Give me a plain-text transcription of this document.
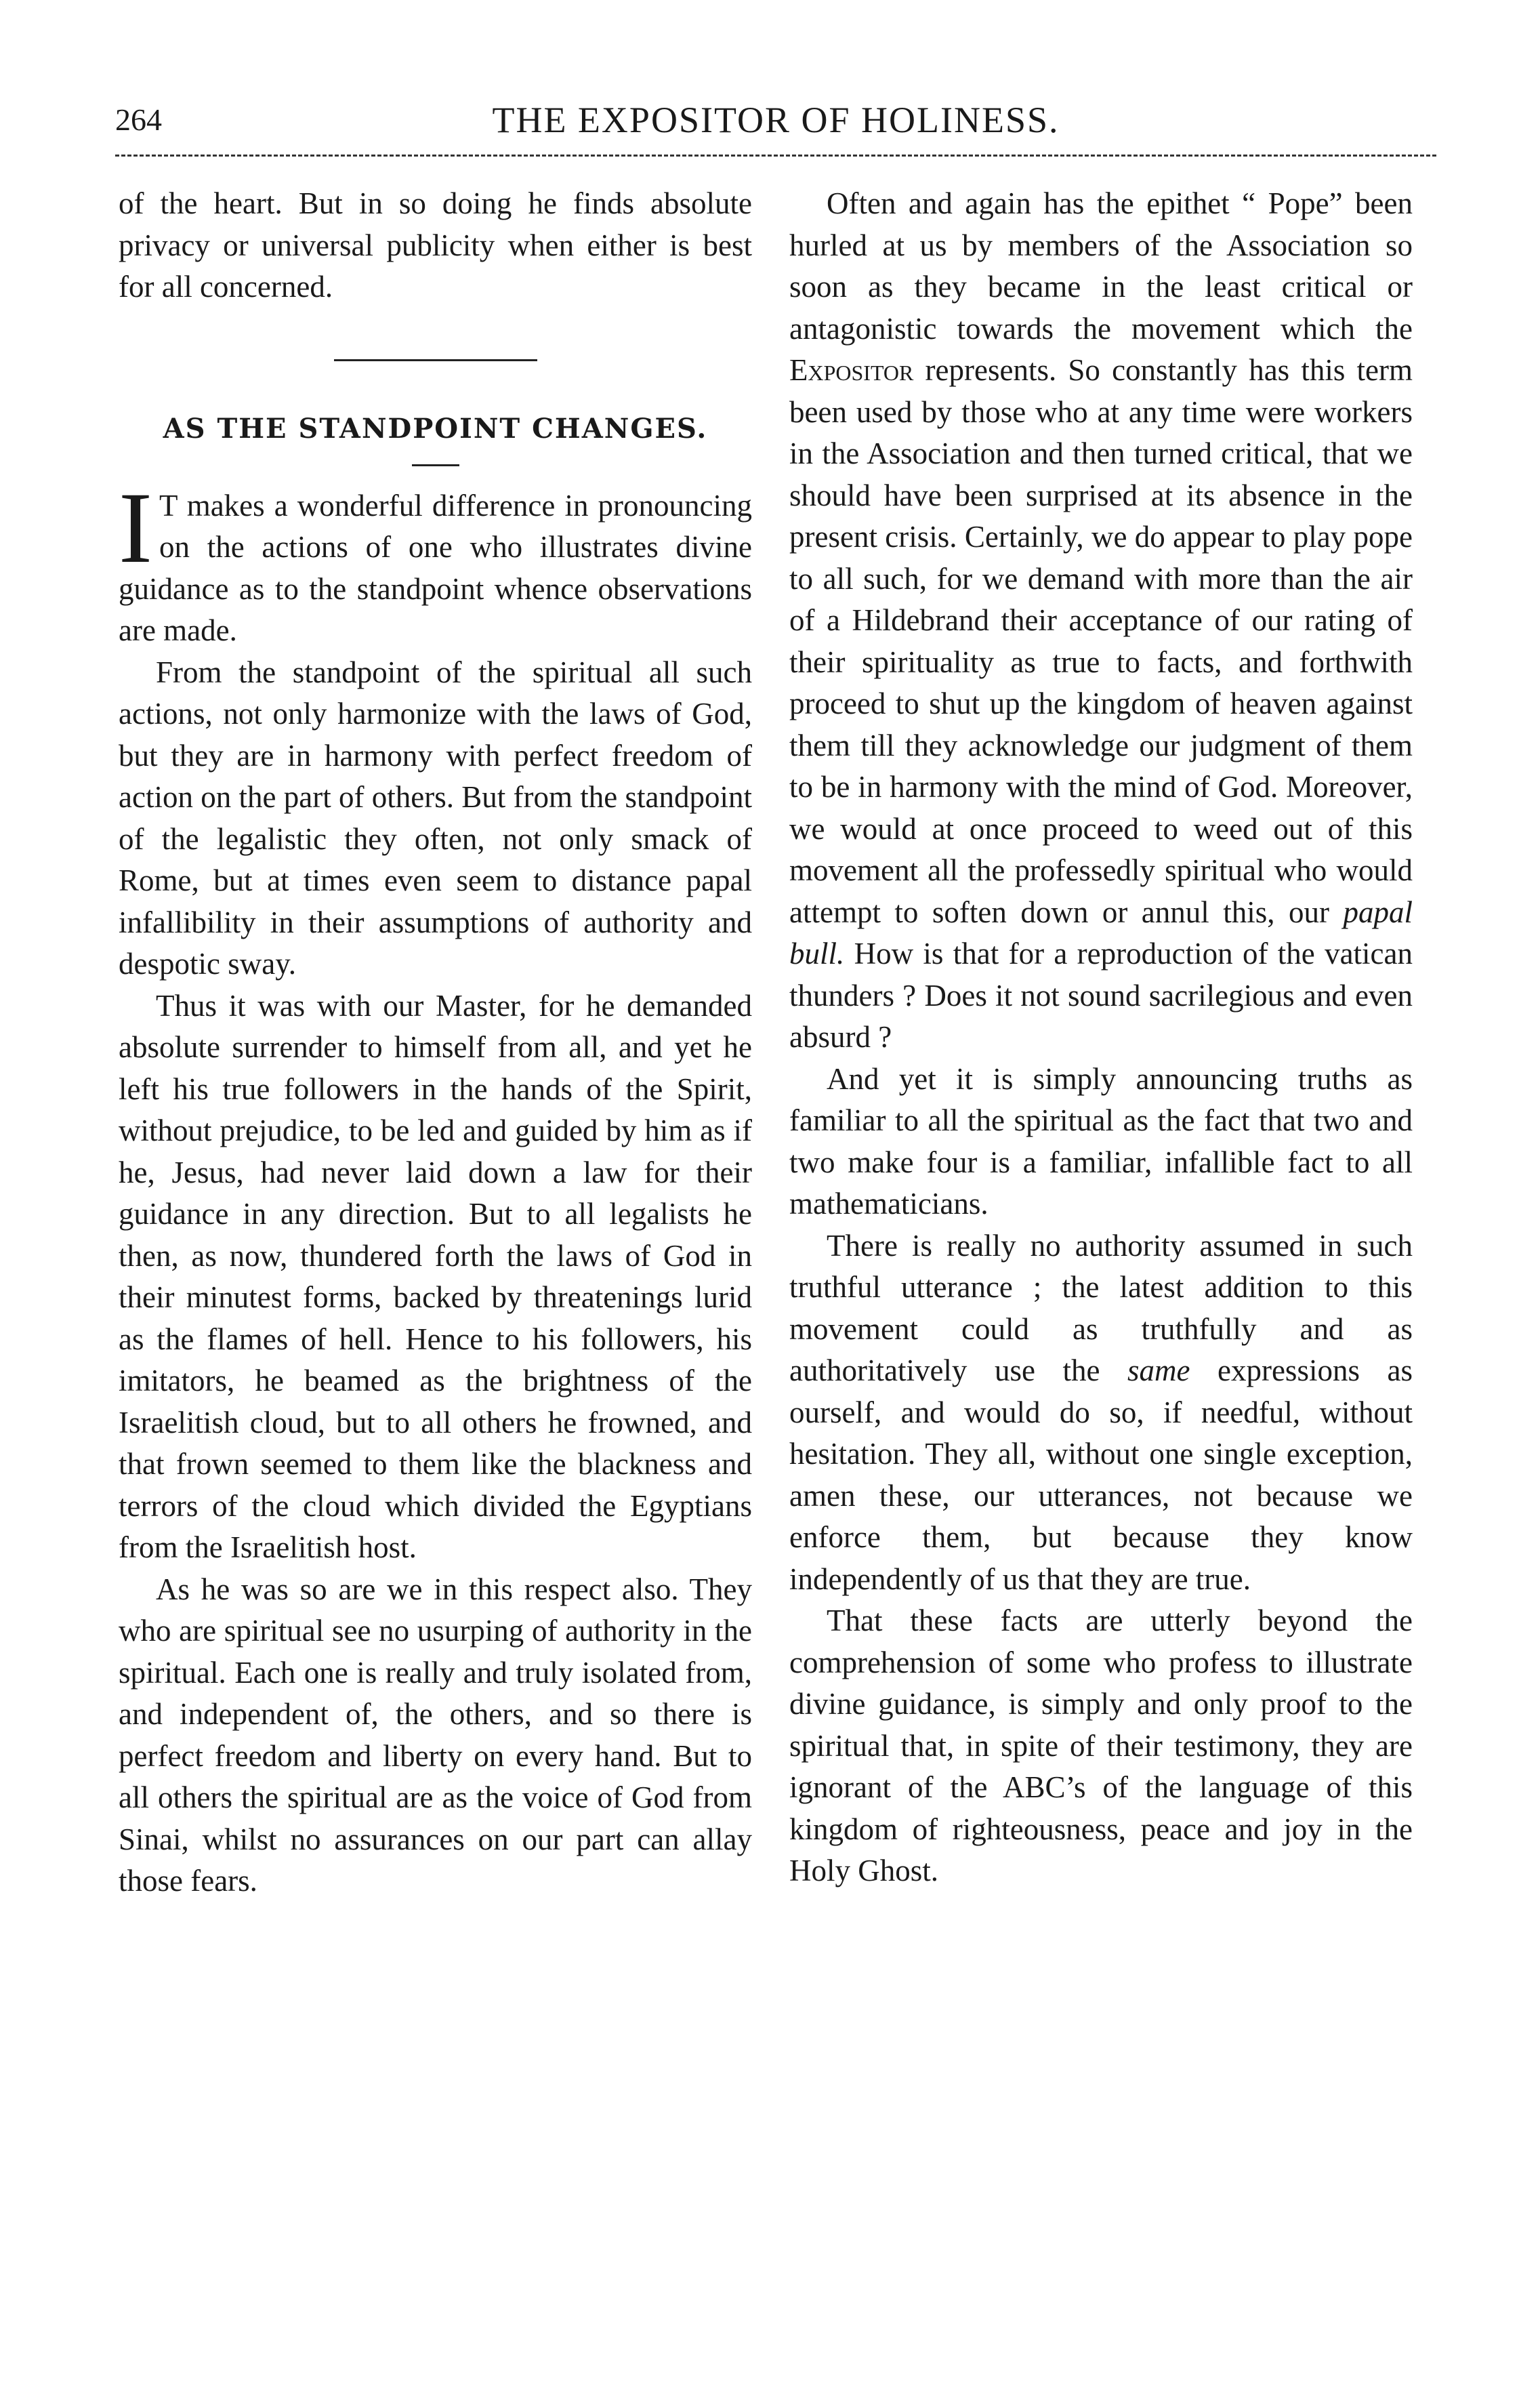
264	THE EXPOSITOR OF HOLINESS.

of the heart. But in so doing he finds absolute privacy or universal publicity when either is best for all concerned.

AS THE STANDPOINT CHANGES.

I T makes a wonderful difference in pronouncing on the actions of one who illustrates divine guidance as to the standpoint whence observations are made.

From the standpoint of the spiritual all such actions, not only harmonize with the laws of God, but they are in harmony with perfect freedom of action on the part of others. But from the standpoint of the legalistic they often, not only smack of Rome, but at times even seem to distance papal infallibility in their assumptions of authority and despotic sway.

Thus it was with our Master, for he demanded absolute surrender to himself from all, and yet he left his true followers in the hands of the Spirit, without prejudice, to be led and guided by him as if he, Jesus, had never laid down a law for their guidance in any direction. But to all legalists he then, as now, thundered forth the laws of God in their minutest forms, backed by threatenings lurid as the flames of hell. Hence to his followers, his imitators, he beamed as the brightness of the Israelitish cloud, but to all others he frowned, and that frown seemed to them like the blackness and terrors of the cloud which divided the Egyptians from the Israelitish host.

As he was so are we in this respect also. They who are spiritual see no usurping of authority in the spiritual. Each one is really and truly isolated from, and independent of, the others, and so there is perfect freedom and liberty on every hand. But to all others the spiritual are as the voice of God from Sinai, whilst no assurances on our part can allay those fears.

Often and again has the epithet “ Pope” been hurled at us by members of the Association so soon as they became in the least critical or antagonistic towards the movement which the Expositor represents. So constantly has this term been used by those who at any time were workers in the Association and then turned critical, that we should have been surprised at its absence in the present crisis. Certainly, we do appear to play pope to all such, for we demand with more than the air of a Hildebrand their acceptance of our rating of their spirituality as true to facts, and forthwith proceed to shut up the kingdom of heaven against them till they acknowledge our judgment of them to be in harmony with the mind of God. Moreover, we would at once proceed to weed out of this movement all the professedly spiritual who would attempt to soften down or annul this, our papal bull. How is that for a reproduction of the vatican thunders ? Does it not sound sacrilegious and even absurd ?

And yet it is simply announcing truths as familiar to all the spiritual as the fact that two and two make four is a familiar, infallible fact to all mathematicians.

There is really no authority assumed in such truthful utterance ; the latest addition to this movement could as truthfully and as authoritatively use the same expressions as ourself, and would do so, if needful, without hesitation. They all, without one single exception, amen these, our utterances, not because we enforce them, but because they know independently of us that they are true.

That these facts are utterly beyond the comprehension of some who profess to illustrate divine guidance, is simply and only proof to the spiritual that, in spite of their testimony, they are ignorant of the ABC’s of the language of this kingdom of righteousness, peace and joy in the Holy Ghost.
